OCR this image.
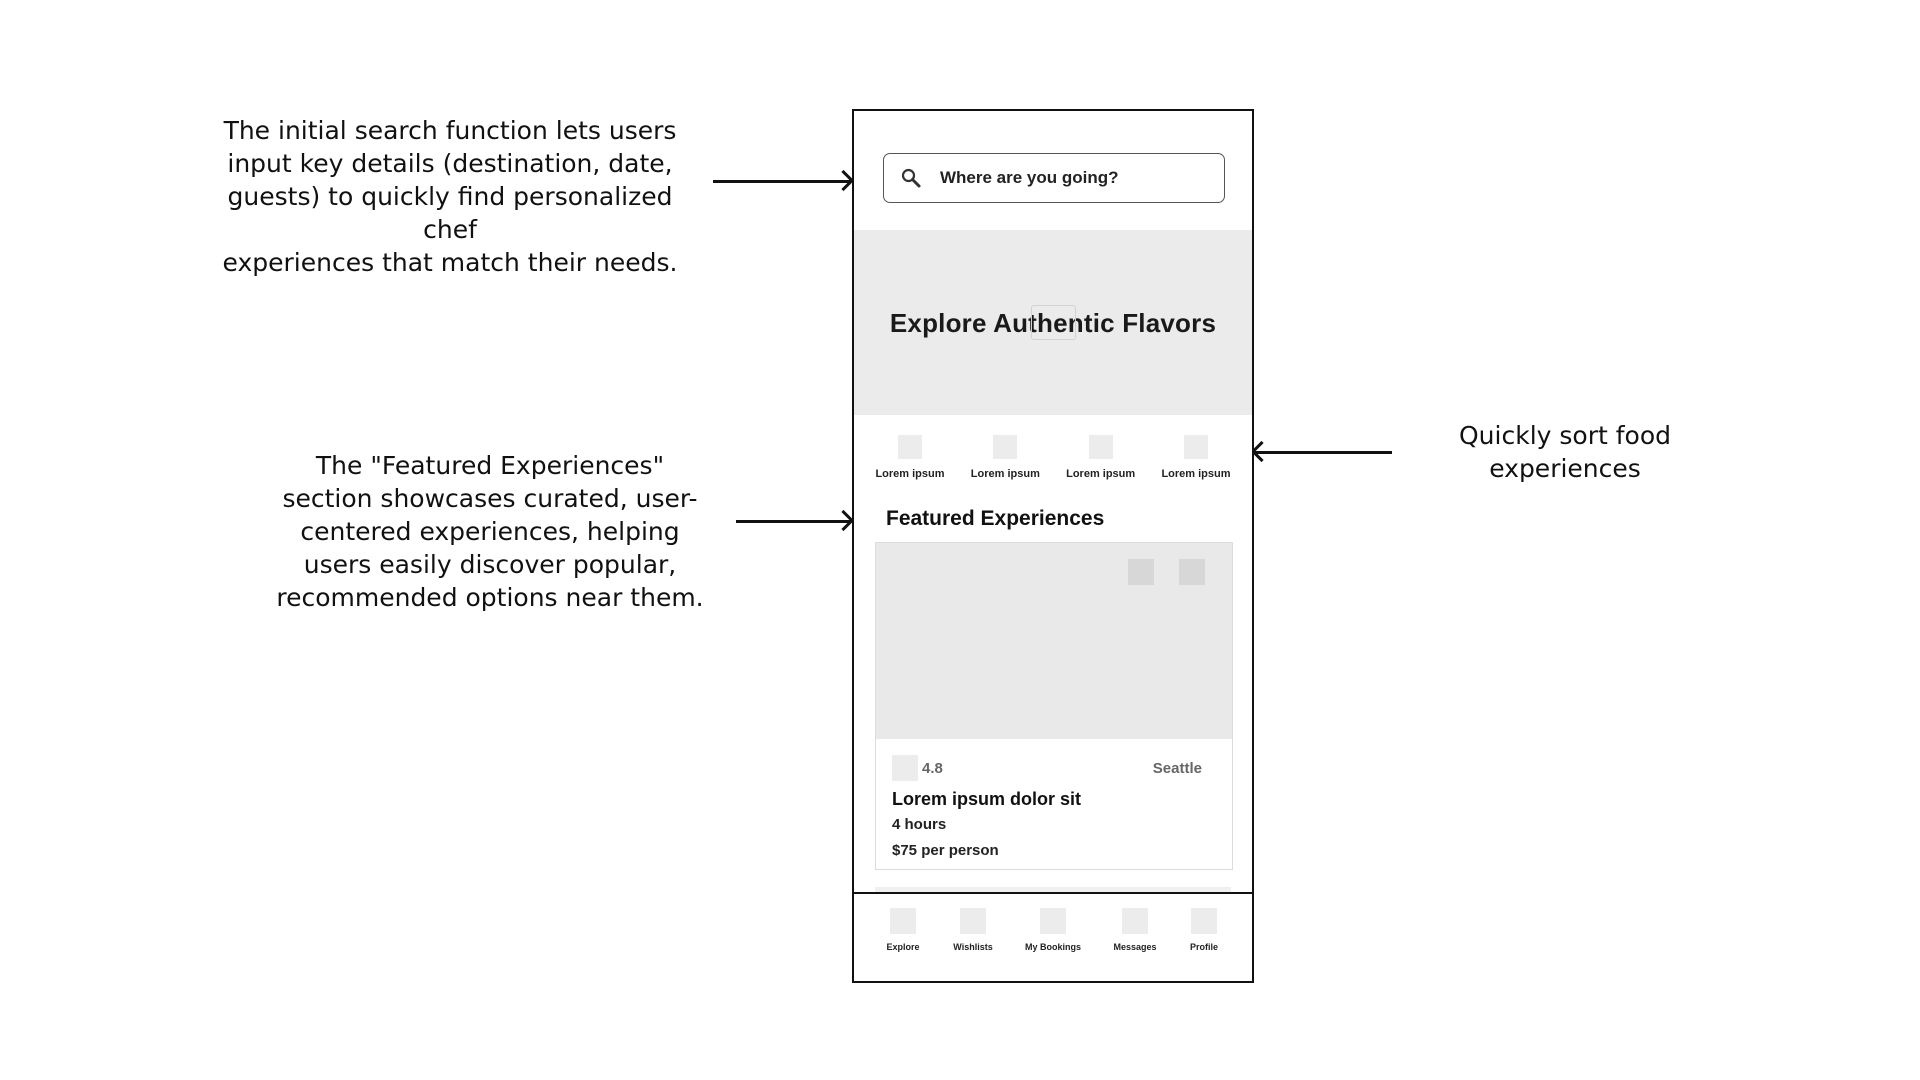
The initial search function lets users
input key details (destination, date,
guests) to quickly find personalized chef
experiences that match their needs.
The "Featured Experiences"
section showcases curated, user-
centered experiences, helping
users easily discover popular,
recommended options near them.
Quickly sort food
experiences
Where are you going?
Explore Authentic Flavors
Lorem ipsum Lorem ipsum Lorem ipsum Lorem ipsum
Featured Experiences
4.8	Seattle
Lorem ipsum dolor sit
4 hours
$75 per person
Explore	Wishlists	My Bookings	Messages	Profile
